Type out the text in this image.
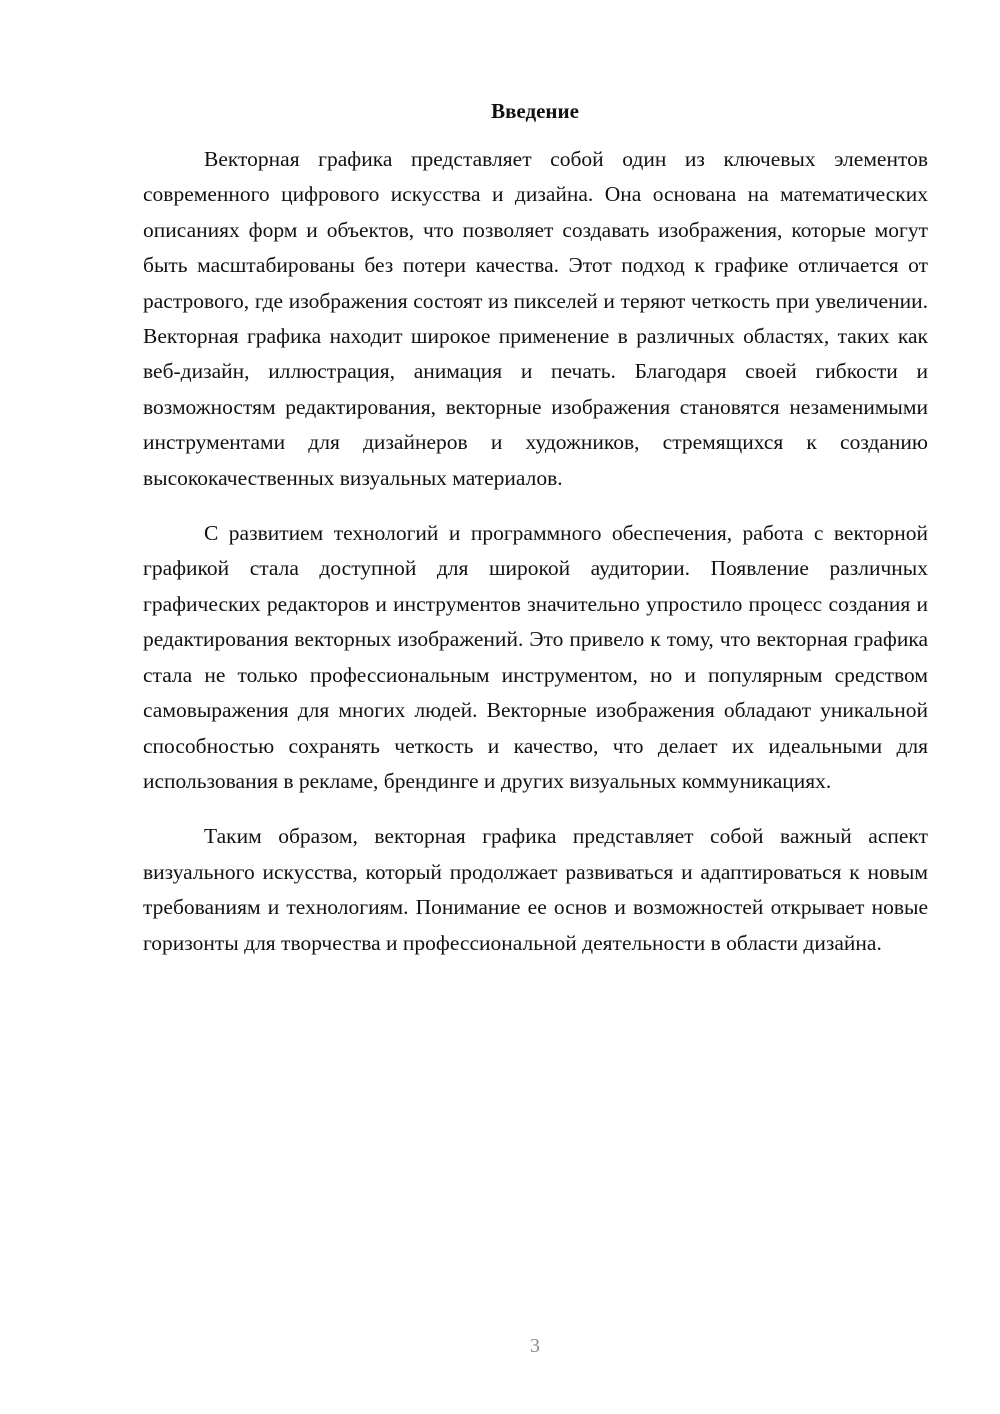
Введение

Векторная графика представляет собой один из ключевых элементов современного цифрового искусства и дизайна. Она основана на математических описаниях форм и объектов, что позволяет создавать изображения, которые могут быть масштабированы без потери качества. Этот подход к графике отличается от растрового, где изображения состоят из пикселей и теряют четкость при увеличении. Векторная графика находит широкое применение в различных областях, таких как веб-дизайн, иллюстрация, анимация и печать. Благодаря своей гибкости и возможностям редактирования, векторные изображения становятся незаменимыми инструментами для дизайнеров и художников, стремящихся к созданию высококачественных визуальных материалов.

С развитием технологий и программного обеспечения, работа с векторной графикой стала доступной для широкой аудитории. Появление различных графических редакторов и инструментов значительно упростило процесс создания и редактирования векторных изображений. Это привело к тому, что векторная графика стала не только профессиональным инструментом, но и популярным средством самовыражения для многих людей. Векторные изображения обладают уникальной способностью сохранять четкость и качество, что делает их идеальными для использования в рекламе, брендинге и других визуальных коммуникациях.

Таким образом, векторная графика представляет собой важный аспект визуального искусства, который продолжает развиваться и адаптироваться к новым требованиям и технологиям. Понимание ее основ и возможностей открывает новые горизонты для творчества и профессиональной деятельности в области дизайна.

3
